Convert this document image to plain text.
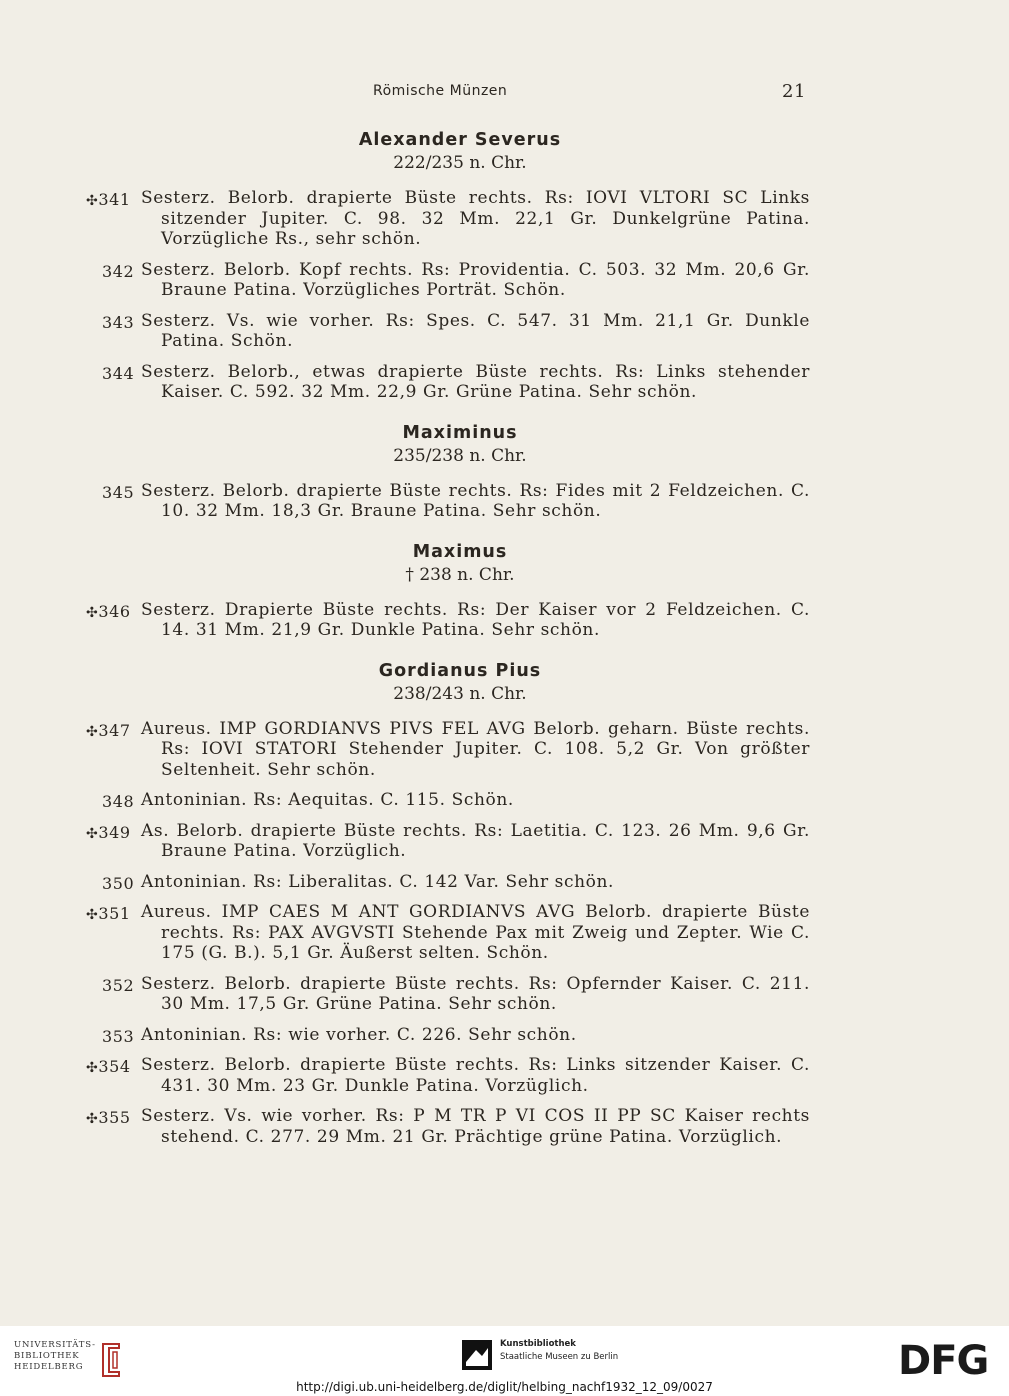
Römische Münzen	21
Alexander Severus
222/235 n. Chr.
✣341 Sesterz. Belorb. drapierte Büste rechts. Rs: IOVI VLTORI SC Links sitzender Jupiter. C. 98. 32 Mm. 22,1 Gr. Dunkelgrüne Patina. Vorzügliche Rs., sehr schön.
342 Sesterz. Belorb. Kopf rechts. Rs: Providentia. C. 503. 32 Mm. 20,6 Gr. Braune Patina. Vorzügliches Porträt. Schön.
343 Sesterz. Vs. wie vorher. Rs: Spes. C. 547. 31 Mm. 21,1 Gr. Dunkle Patina. Schön.
344 Sesterz. Belorb., etwas drapierte Büste rechts. Rs: Links stehender Kaiser. C. 592. 32 Mm. 22,9 Gr. Grüne Patina. Sehr schön.
Maximinus
235/238 n. Chr.
345 Sesterz. Belorb. drapierte Büste rechts. Rs: Fides mit 2 Feldzeichen. C. 10. 32 Mm. 18,3 Gr. Braune Patina. Sehr schön.
Maximus
† 238 n. Chr.
✣346 Sesterz. Drapierte Büste rechts. Rs: Der Kaiser vor 2 Feldzeichen. C. 14. 31 Mm. 21,9 Gr. Dunkle Patina. Sehr schön.
Gordianus Pius
238/243 n. Chr.
✣347 Aureus. IMP GORDIANVS PIVS FEL AVG Belorb. geharn. Büste rechts. Rs: IOVI STATORI Stehender Jupiter. C. 108. 5,2 Gr. Von größter Seltenheit. Sehr schön.
348 Antoninian. Rs: Aequitas. C. 115. Schön.
✣349 As. Belorb. drapierte Büste rechts. Rs: Laetitia. C. 123. 26 Mm. 9,6 Gr. Braune Patina. Vorzüglich.
350 Antoninian. Rs: Liberalitas. C. 142 Var. Sehr schön.
✣351 Aureus. IMP CAES M ANT GORDIANVS AVG Belorb. drapierte Büste rechts. Rs: PAX AVGVSTI Stehende Pax mit Zweig und Zepter. Wie C. 175 (G. B.). 5,1 Gr. Äußerst selten. Schön.
352 Sesterz. Belorb. drapierte Büste rechts. Rs: Opfernder Kaiser. C. 211. 30 Mm. 17,5 Gr. Grüne Patina. Sehr schön.
353 Antoninian. Rs: wie vorher. C. 226. Sehr schön.
✣354 Sesterz. Belorb. drapierte Büste rechts. Rs: Links sitzender Kaiser. C. 431. 30 Mm. 23 Gr. Dunkle Patina. Vorzüglich.
✣355 Sesterz. Vs. wie vorher. Rs: P M TR P VI COS II PP SC Kaiser rechts stehend. C. 277. 29 Mm. 21 Gr. Prächtige grüne Patina. Vorzüglich.
UNIVERSITÄTS-
BIBLIOTHEK
HEIDELBERG
Kunstbibliothek
Staatliche Museen zu Berlin	DFG
http://digi.ub.uni-heidelberg.de/diglit/helbing_nachf1932_12_09/0027
